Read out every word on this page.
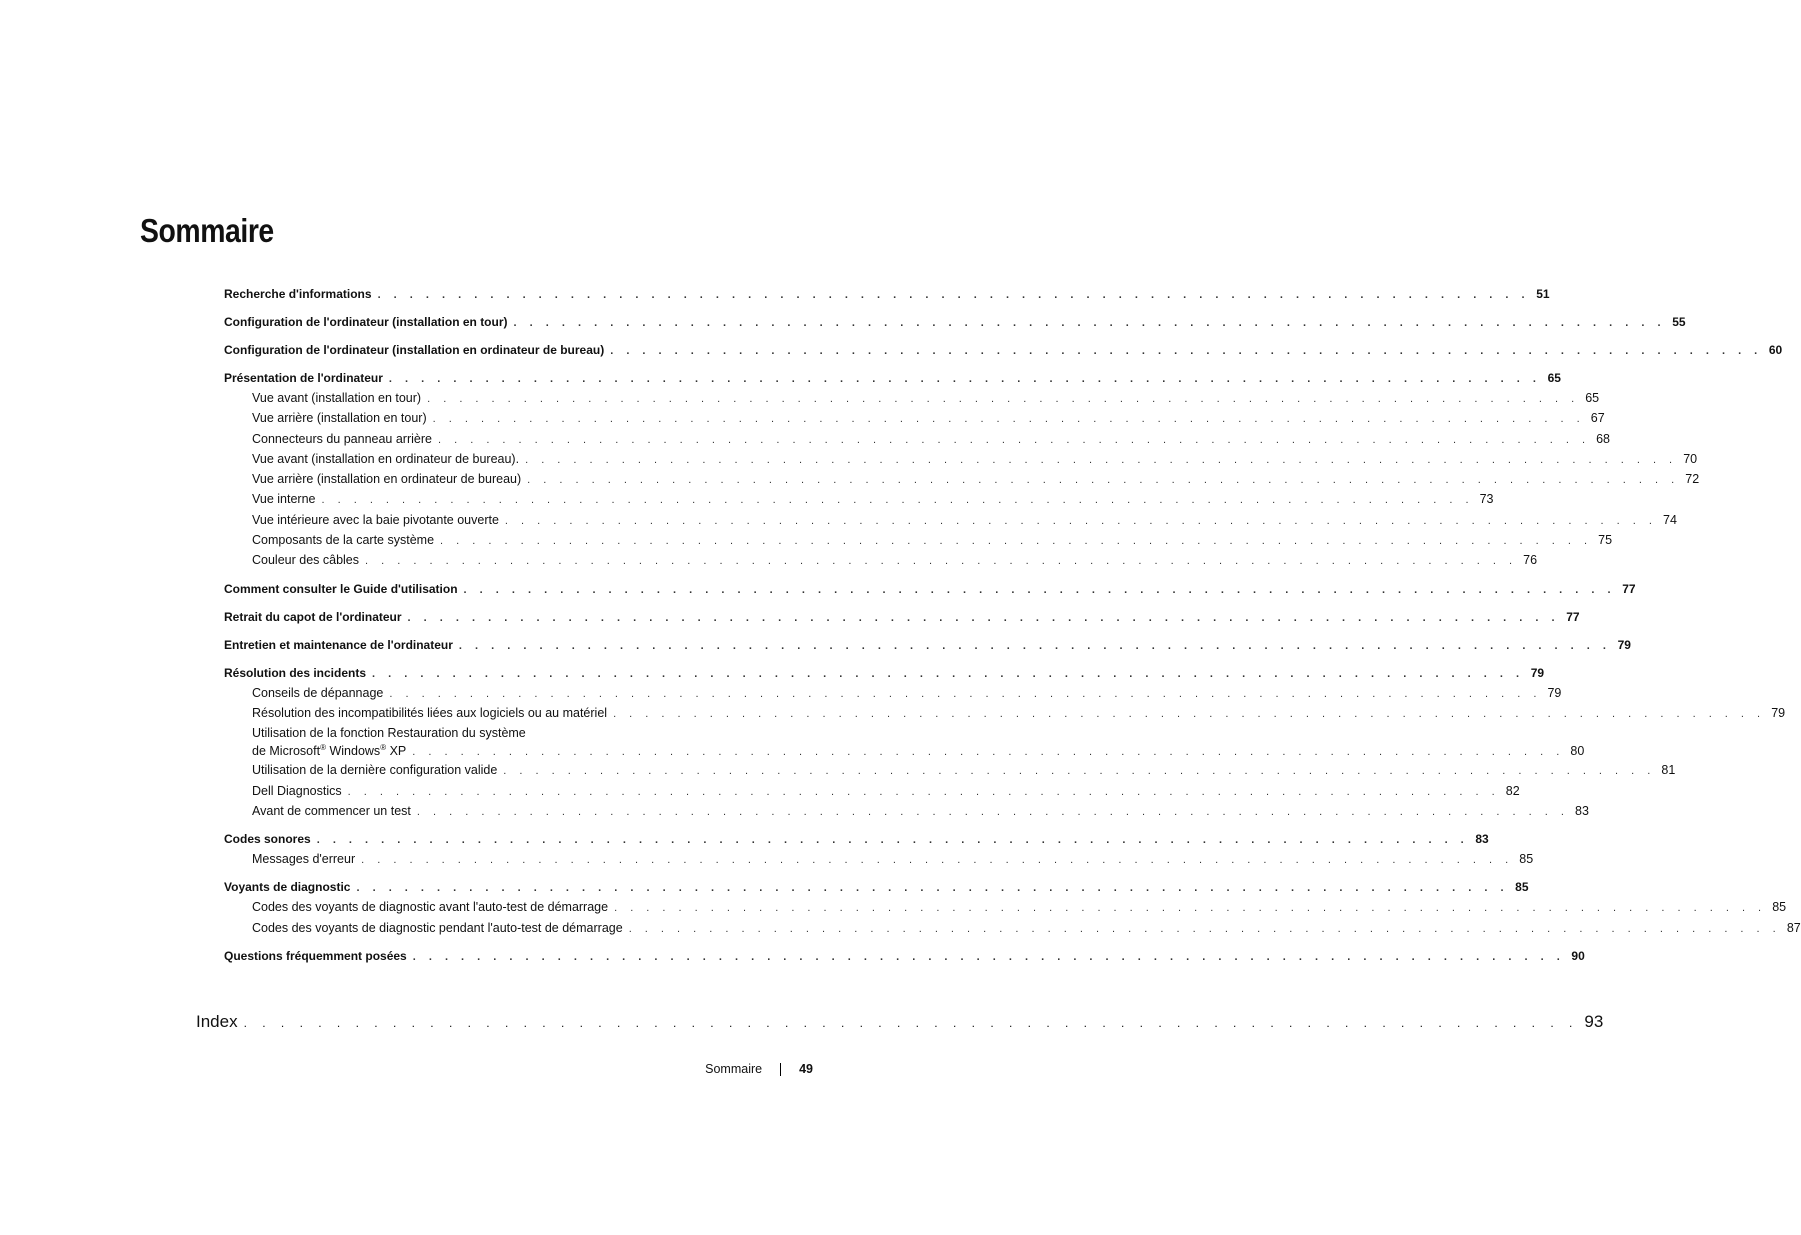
Sommaire
Recherche d'informations . . . . . . . . . . . . . . . . . . . . . . . . . . . . . . . . . . . . . . . . . . . . . . . . . . . . . . . . . . . . . . . . . . . . . . . . 51
Configuration de l'ordinateur (installation en tour) . . . . . . . . . . . . . . . . . . . . . . . . . . . . . . . . . . . . . . . . . . . . . . . . . . . . . . . . . . . . . . . . . . . . . . . . 55
Configuration de l'ordinateur (installation en ordinateur de bureau) . . . . . . . . . . . . . . . . . . . . . . . . . . . . . . . . . . . . . . . . . . . . . . . . . . . . . . . . . . . . . . . . . . . . . . . . 60
Présentation de l'ordinateur . . . . . . . . . . . . . . . . . . . . . . . . . . . . . . . . . . . . . . . . . . . . . . . . . . . . . . . . . . . . . . . . . . . . . . . . 65
Vue avant (installation en tour) . . . . . . . . . . . . . . . . . . . . . . . . . . . . . . . . . . . . . . . . . . . . . . . . . . . . . . . . . . . . . . . . . . . . . . . . 65
Vue arrière (installation en tour) . . . . . . . . . . . . . . . . . . . . . . . . . . . . . . . . . . . . . . . . . . . . . . . . . . . . . . . . . . . . . . . . . . . . . . . . 67
Connecteurs du panneau arrière . . . . . . . . . . . . . . . . . . . . . . . . . . . . . . . . . . . . . . . . . . . . . . . . . . . . . . . . . . . . . . . . . . . . . . . . 68
Vue avant (installation en ordinateur de bureau). . . . . . . . . . . . . . . . . . . . . . . . . . . . . . . . . . . . . . . . . . . . . . . . . . . . . . . . . . . . . . . . . . . . . . . . . 70
Vue arrière (installation en ordinateur de bureau) . . . . . . . . . . . . . . . . . . . . . . . . . . . . . . . . . . . . . . . . . . . . . . . . . . . . . . . . . . . . . . . . . . . . . . . . 72
Vue interne . . . . . . . . . . . . . . . . . . . . . . . . . . . . . . . . . . . . . . . . . . . . . . . . . . . . . . . . . . . . . . . . . . . . . . . . 73
Vue intérieure avec la baie pivotante ouverte . . . . . . . . . . . . . . . . . . . . . . . . . . . . . . . . . . . . . . . . . . . . . . . . . . . . . . . . . . . . . . . . . . . . . . . . 74
Composants de la carte système . . . . . . . . . . . . . . . . . . . . . . . . . . . . . . . . . . . . . . . . . . . . . . . . . . . . . . . . . . . . . . . . . . . . . . . . 75
Couleur des câbles . . . . . . . . . . . . . . . . . . . . . . . . . . . . . . . . . . . . . . . . . . . . . . . . . . . . . . . . . . . . . . . . . . . . . . . . 76
Comment consulter le Guide d'utilisation . . . . . . . . . . . . . . . . . . . . . . . . . . . . . . . . . . . . . . . . . . . . . . . . . . . . . . . . . . . . . . . . . . . . . . . . 77
Retrait du capot de l'ordinateur . . . . . . . . . . . . . . . . . . . . . . . . . . . . . . . . . . . . . . . . . . . . . . . . . . . . . . . . . . . . . . . . . . . . . . . . 77
Entretien et maintenance de l'ordinateur . . . . . . . . . . . . . . . . . . . . . . . . . . . . . . . . . . . . . . . . . . . . . . . . . . . . . . . . . . . . . . . . . . . . . . . . 79
Résolution des incidents . . . . . . . . . . . . . . . . . . . . . . . . . . . . . . . . . . . . . . . . . . . . . . . . . . . . . . . . . . . . . . . . . . . . . . . . 79
Conseils de dépannage . . . . . . . . . . . . . . . . . . . . . . . . . . . . . . . . . . . . . . . . . . . . . . . . . . . . . . . . . . . . . . . . . . . . . . . . 79
Résolution des incompatibilités liées aux logiciels ou au matériel . . . . . . . . . . . . . . . . . . . . . . . . . . . . . . . . . . . . . . . . . . . . . . . . . . . . . . . . . . . . . . . . . . . . . . . . 79
Utilisation de la fonction Restauration du système
de Microsoft® Windows® XP . . . . . . . . . . . . . . . . . . . . . . . . . . . . . . . . . . . . . . . . . . . . . . . . . . . . . . . . . . . . . . . . . . . . . . . . 80
Utilisation de la dernière configuration valide . . . . . . . . . . . . . . . . . . . . . . . . . . . . . . . . . . . . . . . . . . . . . . . . . . . . . . . . . . . . . . . . . . . . . . . . 81
Dell Diagnostics . . . . . . . . . . . . . . . . . . . . . . . . . . . . . . . . . . . . . . . . . . . . . . . . . . . . . . . . . . . . . . . . . . . . . . . . 82
Avant de commencer un test . . . . . . . . . . . . . . . . . . . . . . . . . . . . . . . . . . . . . . . . . . . . . . . . . . . . . . . . . . . . . . . . . . . . . . . . 83
Codes sonores . . . . . . . . . . . . . . . . . . . . . . . . . . . . . . . . . . . . . . . . . . . . . . . . . . . . . . . . . . . . . . . . . . . . . . . . 83
Messages d'erreur . . . . . . . . . . . . . . . . . . . . . . . . . . . . . . . . . . . . . . . . . . . . . . . . . . . . . . . . . . . . . . . . . . . . . . . . 85
Voyants de diagnostic . . . . . . . . . . . . . . . . . . . . . . . . . . . . . . . . . . . . . . . . . . . . . . . . . . . . . . . . . . . . . . . . . . . . . . . . 85
Codes des voyants de diagnostic avant l'auto-test de démarrage . . . . . . . . . . . . . . . . . . . . . . . . . . . . . . . . . . . . . . . . . . . . . . . . . . . . . . . . . . . . . . . . . . . . . . . . 85
Codes des voyants de diagnostic pendant l'auto-test de démarrage . . . . . . . . . . . . . . . . . . . . . . . . . . . . . . . . . . . . . . . . . . . . . . . . . . . . . . . . . . . . . . . . . . . . . . . . 87
Questions fréquemment posées . . . . . . . . . . . . . . . . . . . . . . . . . . . . . . . . . . . . . . . . . . . . . . . . . . . . . . . . . . . . . . . . . . . . . . . . 90
Index . . . . . . . . . . . . . . . . . . . . . . . . . . . . . . . . . . . . . . . . . . . . . . . . . . . . . . . . . . . . . . . . . . . . . . . . 93
Sommaire	49
